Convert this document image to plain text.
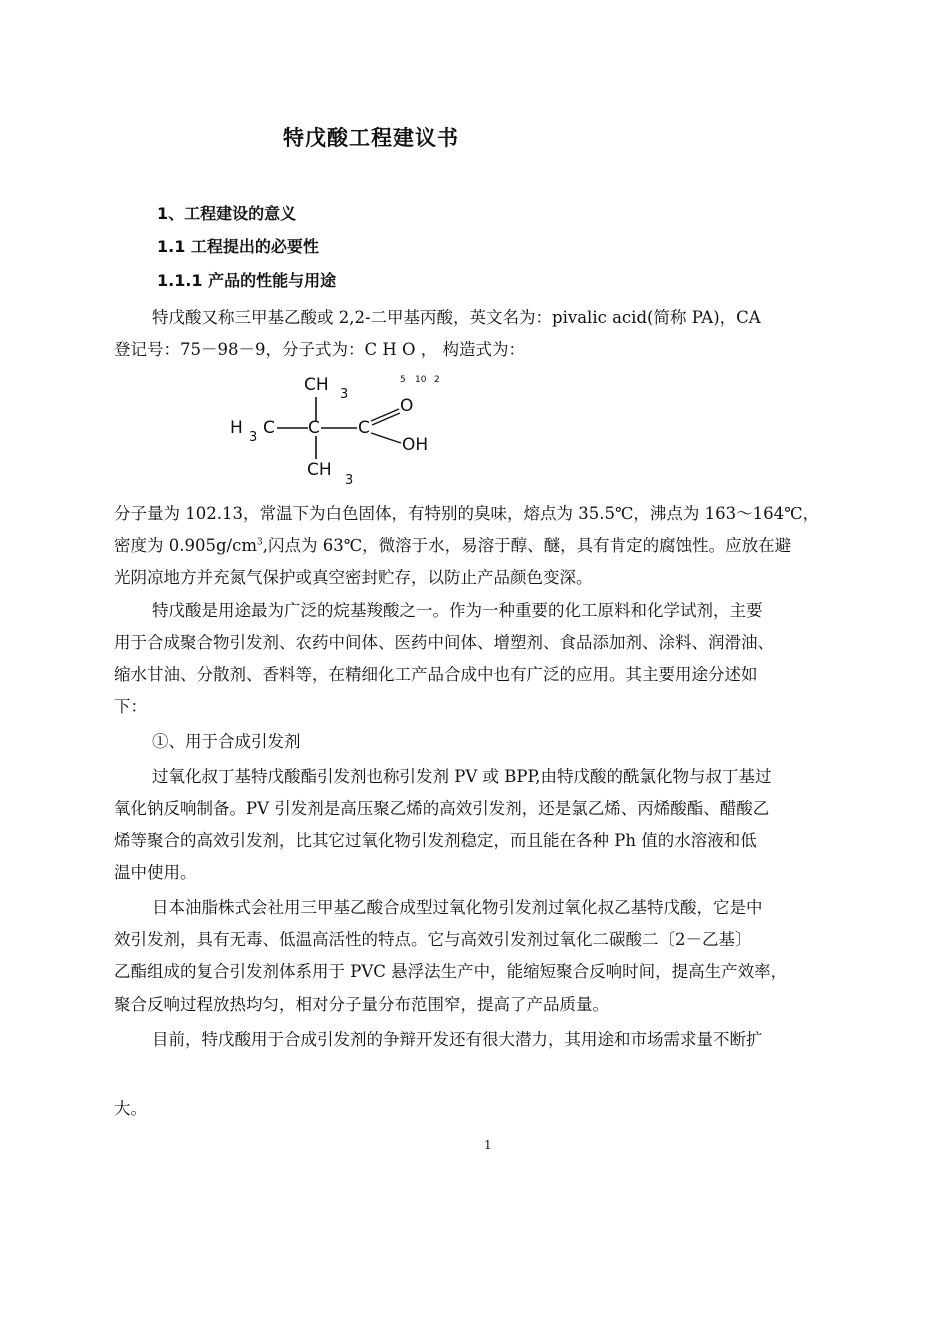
特戊酸工程建议书
1、工程建设的意义
1.1 工程提出的必要性
1.1.1 产品的性能与用途
特戊酸又称三甲基乙酸或 2,2-二甲基丙酸，英文名为：pivalic acid(简称 PA)，CA
登记号：75－98－9，分子式为：C H O ， 构造式为：
5 10 2
CH 3
H 3 C C C
O
OH
CH
3
分子量为 102.13，常温下为白色固体，有特别的臭味，熔点为 35.5℃，沸点为 163～164℃，
密度为 $0.905g/cm^3$,闪点为 63℃，微溶于水，易溶于醇、醚，具有肯定的腐蚀性。应放在避
光阴凉地方并充氮气保护或真空密封贮存，以防止产品颜色变深。
特戊酸是用途最为广泛的烷基羧酸之一。作为一种重要的化工原料和化学试剂，主要
用于合成聚合物引发剂、农药中间体、医药中间体、增塑剂、食品添加剂、涂料、润滑油、
缩水甘油、分散剂、香料等，在精细化工产品合成中也有广泛的应用。其主要用途分述如
下：
①、用于合成引发剂
过氧化叔丁基特戊酸酯引发剂也称引发剂 PV 或 BPP,由特戊酸的酰氯化物与叔丁基过
氧化钠反响制备。PV 引发剂是高压聚乙烯的高效引发剂，还是氯乙烯、丙烯酸酯、醋酸乙
烯等聚合的高效引发剂，比其它过氧化物引发剂稳定，而且能在各种 Ph 值的水溶液和低
温中使用。
日本油脂株式会社用三甲基乙酸合成型过氧化物引发剂过氧化叔乙基特戊酸，它是中
效引发剂，具有无毒、低温高活性的特点。它与高效引发剂过氧化二碳酸二〔2－乙基〕
乙酯组成的复合引发剂体系用于 PVC 悬浮法生产中，能缩短聚合反响时间，提高生产效率，
聚合反响过程放热均匀，相对分子量分布范围窄，提高了产品质量。
目前，特戊酸用于合成引发剂的争辩开发还有很大潜力，其用途和市场需求量不断扩
大。
1
